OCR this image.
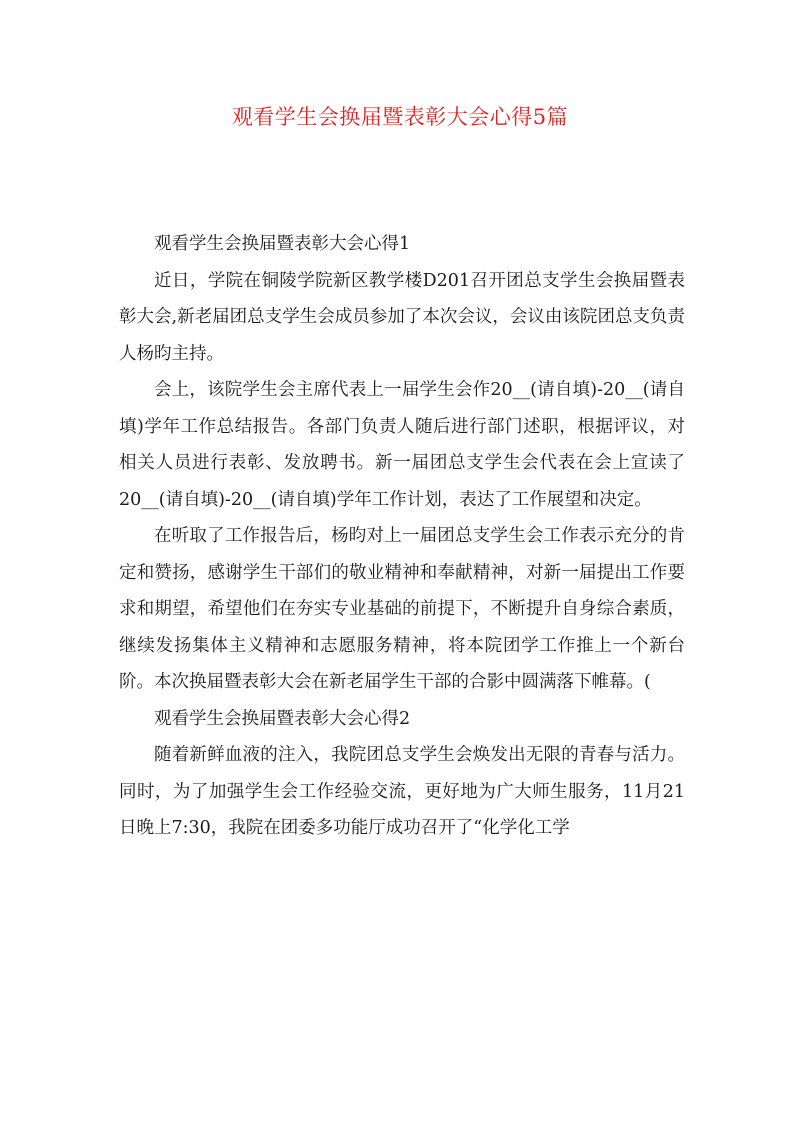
观看学生会换届暨表彰大会心得5篇

观看学生会换届暨表彰大会心得1

近日，学院在铜陵学院新区教学楼D201召开团总支学生会换届暨表彰大会,新老届团总支学生会成员参加了本次会议，会议由该院团总支负责人杨昀主持。

会上，该院学生会主席代表上一届学生会作20__(请自填)-20__(请自填)学年工作总结报告。各部门负责人随后进行部门述职，根据评议，对相关人员进行表彰、发放聘书。新一届团总支学生会代表在会上宣读了20__(请自填)-20__(请自填)学年工作计划，表达了工作展望和决定。

在听取了工作报告后，杨昀对上一届团总支学生会工作表示充分的肯定和赞扬，感谢学生干部们的敬业精神和奉献精神，对新一届提出工作要求和期望，希望他们在夯实专业基础的前提下，不断提升自身综合素质，继续发扬集体主义精神和志愿服务精神，将本院团学工作推上一个新台阶。本次换届暨表彰大会在新老届学生干部的合影中圆满落下帷幕。(

观看学生会换届暨表彰大会心得2

随着新鲜血液的注入，我院团总支学生会焕发出无限的青春与活力。同时，为了加强学生会工作经验交流，更好地为广大师生服务，11月21日晚上7:30，我院在团委多功能厅成功召开了“化学化工学
